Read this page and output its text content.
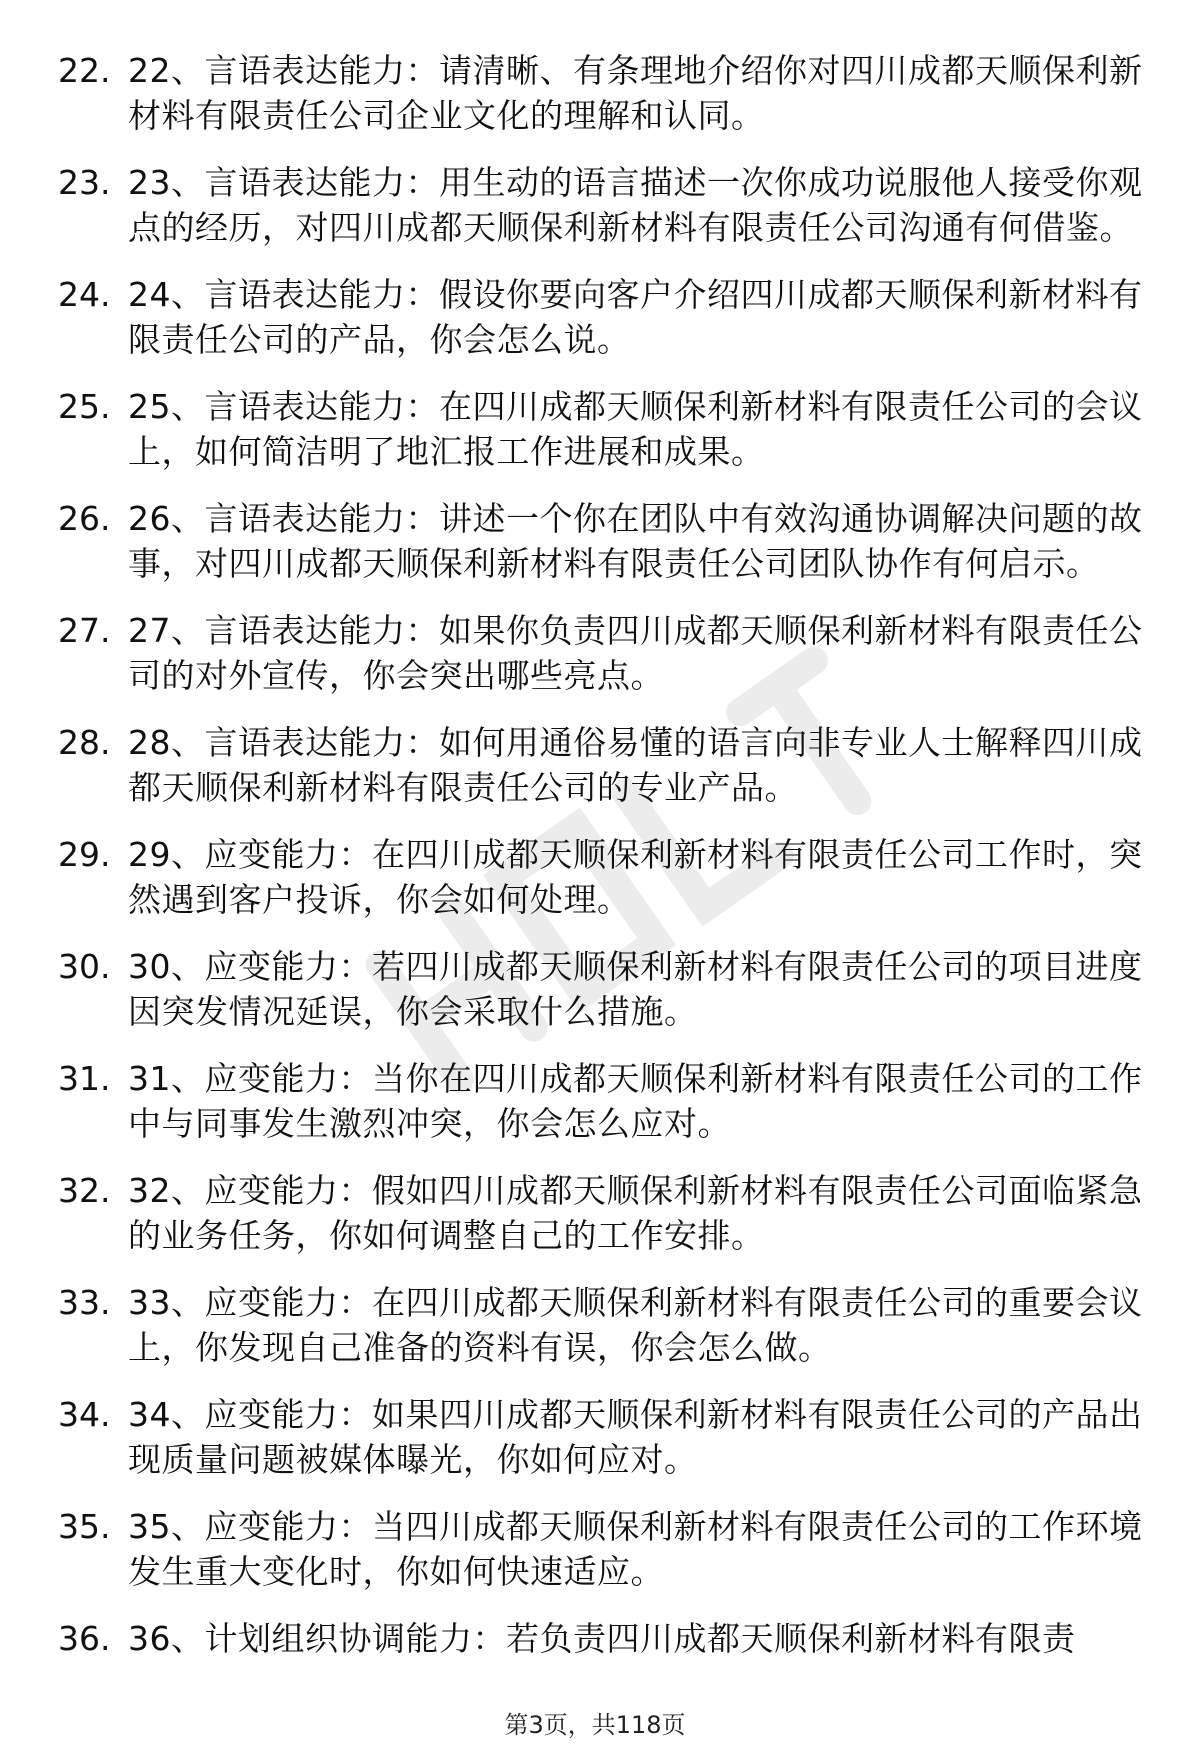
22. 22、言语表达能力：请清晰、有条理地介绍你对四川成都天顺保利新材料有限责任公司企业文化的理解和认同。
23. 23、言语表达能力：用生动的语言描述一次你成功说服他人接受你观点的经历，对四川成都天顺保利新材料有限责任公司沟通有何借鉴。
24. 24、言语表达能力：假设你要向客户介绍四川成都天顺保利新材料有限责任公司的产品，你会怎么说。
25. 25、言语表达能力：在四川成都天顺保利新材料有限责任公司的会议上，如何简洁明了地汇报工作进展和成果。
26. 26、言语表达能力：讲述一个你在团队中有效沟通协调解决问题的故事，对四川成都天顺保利新材料有限责任公司团队协作有何启示。
27. 27、言语表达能力：如果你负责四川成都天顺保利新材料有限责任公司的对外宣传，你会突出哪些亮点。
28. 28、言语表达能力：如何用通俗易懂的语言向非专业人士解释四川成都天顺保利新材料有限责任公司的专业产品。
29. 29、应变能力：在四川成都天顺保利新材料有限责任公司工作时，突然遇到客户投诉，你会如何处理。
30. 30、应变能力：若四川成都天顺保利新材料有限责任公司的项目进度因突发情况延误，你会采取什么措施。
31. 31、应变能力：当你在四川成都天顺保利新材料有限责任公司的工作中与同事发生激烈冲突，你会怎么应对。
32. 32、应变能力：假如四川成都天顺保利新材料有限责任公司面临紧急的业务任务，你如何调整自己的工作安排。
33. 33、应变能力：在四川成都天顺保利新材料有限责任公司的重要会议上，你发现自己准备的资料有误，你会怎么做。
34. 34、应变能力：如果四川成都天顺保利新材料有限责任公司的产品出现质量问题被媒体曝光，你如何应对。
35. 35、应变能力：当四川成都天顺保利新材料有限责任公司的工作环境发生重大变化时，你如何快速适应。
36. 36、计划组织协调能力：若负责四川成都天顺保利新材料有限责
第3页，共118页
